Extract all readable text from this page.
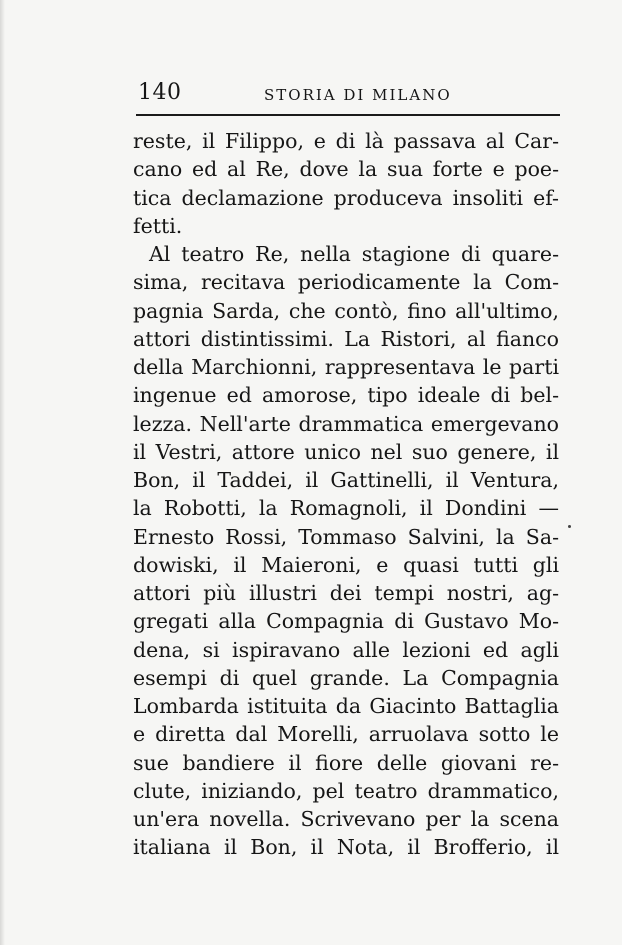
140	STORIA DI MILANO
reste, il Filippo, e di là passava al Car-
cano ed al Re, dove la sua forte e poe-
tica declamazione produceva insoliti ef-
fetti.
Al teatro Re, nella stagione di quare-
sima, recitava periodicamente la Com-
pagnia Sarda, che contò, fino all'ultimo,
attori distintissimi. La Ristori, al fianco
della Marchionni, rappresentava le parti
ingenue ed amorose, tipo ideale di bel-
lezza. Nell'arte drammatica emergevano
il Vestri, attore unico nel suo genere, il
Bon, il Taddei, il Gattinelli, il Ventura,
la Robotti, la Romagnoli, il Dondini —
Ernesto Rossi, Tommaso Salvini, la Sa-
dowiski, il Maieroni, e quasi tutti gli
attori più illustri dei tempi nostri, ag-
gregati alla Compagnia di Gustavo Mo-
dena, si ispiravano alle lezioni ed agli
esempi di quel grande. La Compagnia
Lombarda istituita da Giacinto Battaglia
e diretta dal Morelli, arruolava sotto le
sue bandiere il fiore delle giovani re-
clute, iniziando, pel teatro drammatico,
un'era novella. Scrivevano per la scena
italiana il Bon, il Nota, il Brofferio, il
